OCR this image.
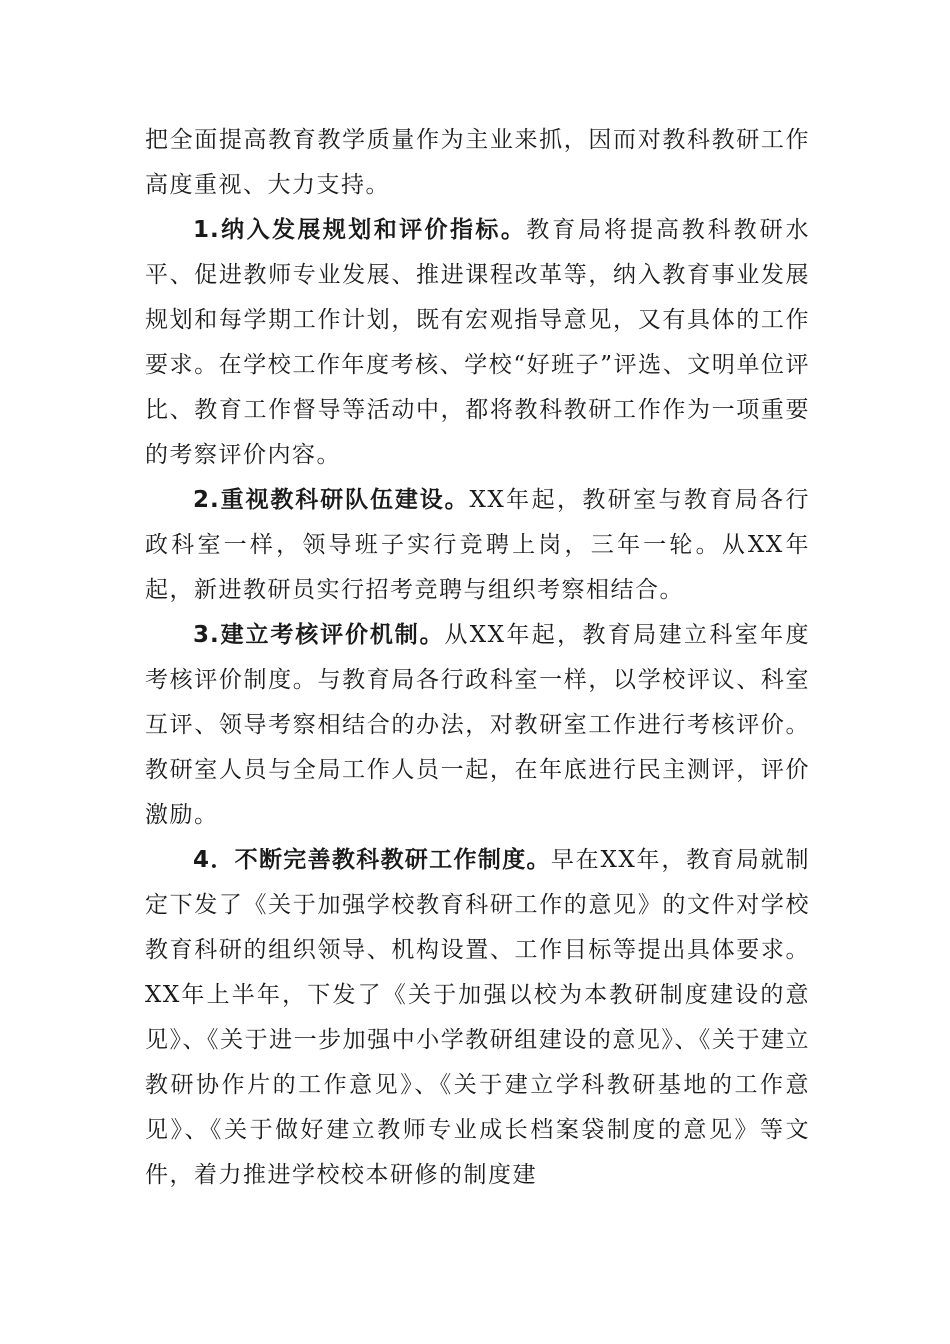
把全面提高教育教学质量作为主业来抓，因而对教科教研工作高度重视、大力支持。

1.纳入发展规划和评价指标。教育局将提高教科教研水平、促进教师专业发展、推进课程改革等，纳入教育事业发展规划和每学期工作计划，既有宏观指导意见，又有具体的工作要求。在学校工作年度考核、学校“好班子”评选、文明单位评比、教育工作督导等活动中，都将教科教研工作作为一项重要的考察评价内容。

2.重视教科研队伍建设。XX年起，教研室与教育局各行政科室一样，领导班子实行竞聘上岗，三年一轮。从XX年起，新进教研员实行招考竞聘与组织考察相结合。

3.建立考核评价机制。从XX年起，教育局建立科室年度考核评价制度。与教育局各行政科室一样，以学校评议、科室互评、领导考察相结合的办法，对教研室工作进行考核评价。教研室人员与全局工作人员一起，在年底进行民主测评，评价激励。

4．不断完善教科教研工作制度。早在XX年，教育局就制定下发了《关于加强学校教育科研工作的意见》的文件对学校教育科研的组织领导、机构设置、工作目标等提出具体要求。XX年上半年，下发了《关于加强以校为本教研制度建设的意见》、《关于进一步加强中小学教研组建设的意见》、《关于建立教研协作片的工作意见》、《关于建立学科教研基地的工作意见》、《关于做好建立教师专业成长档案袋制度的意见》等文件，着力推进学校校本研修的制度建
